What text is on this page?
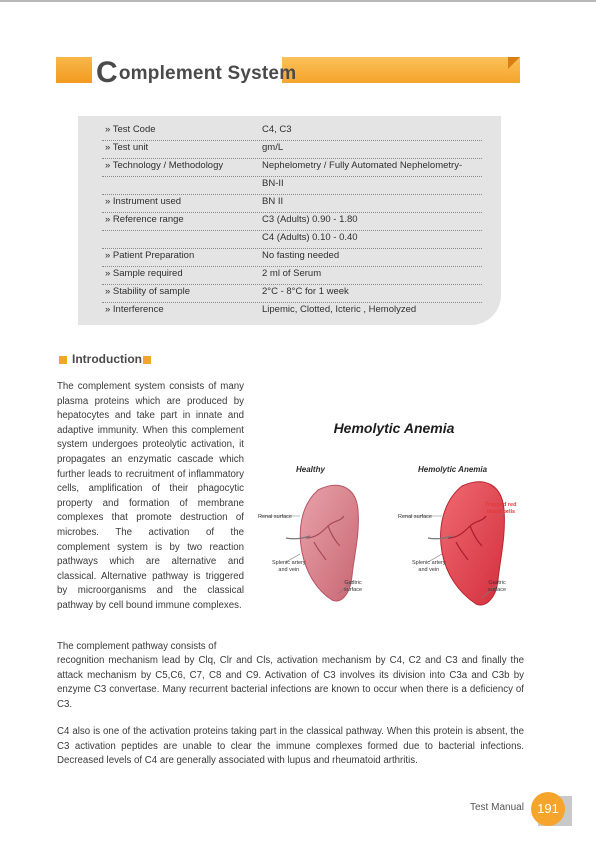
Complement System
» Test Code	C4, C3
» Test unit	gm/L
» Technology / Methodology	Nephelometry / Fully Automated Nephelometry-
BN-II
» Instrument used	BN II
» Reference range	C3 (Adults) 0.90 - 1.80
C4 (Adults) 0.10 - 0.40
» Patient Preparation	No fasting needed
» Sample required	2 ml of Serum
» Stability of sample	2°C - 8°C for 1 week
» Interference	Lipemic, Clotted, Icteric , Hemolyzed
Introduction
The complement system consists of many plasma proteins which are produced by hepatocytes and take part in innate and adaptive immunity. When this complement system undergoes proteolytic activation, it propagates an enzymatic cascade which further leads to recruitment of inflammatory cells, amplification of their phagocytic property and formation of membrane complexes that promote destruction of microbes. The activation of the complement system is by two reaction pathways which are alternative and classical. Alternative pathway is triggered by microorganisms and the classical pathway by cell bound immune complexes.
The complement pathway consists of
recognition mechanism lead by Clq, Clr and Cls, activation mechanism by C4, C2 and C3 and finally the attack mechanism by C5,C6, C7, C8 and C9. Activation of C3 involves its division into C3a and C3b by enzyme C3 convertase. Many recurrent bacterial infections are known to occur when there is a deficiency of C3.
C4 also is one of the activation proteins taking part in the classical pathway. When this protein is absent, the C3 activation peptides are unable to clear the immune complexes formed due to bacterial infections. Decreased levels of C4 are generally associated with lupus and rheumatoid arthritis.
Hemolytic Anemia
Healthy	Hemolytic Anemia
Renal surface
Splenic artery
and vein
Gastric
surface
Renal surface
Splenic artery
and vein
Gastric
surface
Trapped red
blood cells
Test Manual	191
